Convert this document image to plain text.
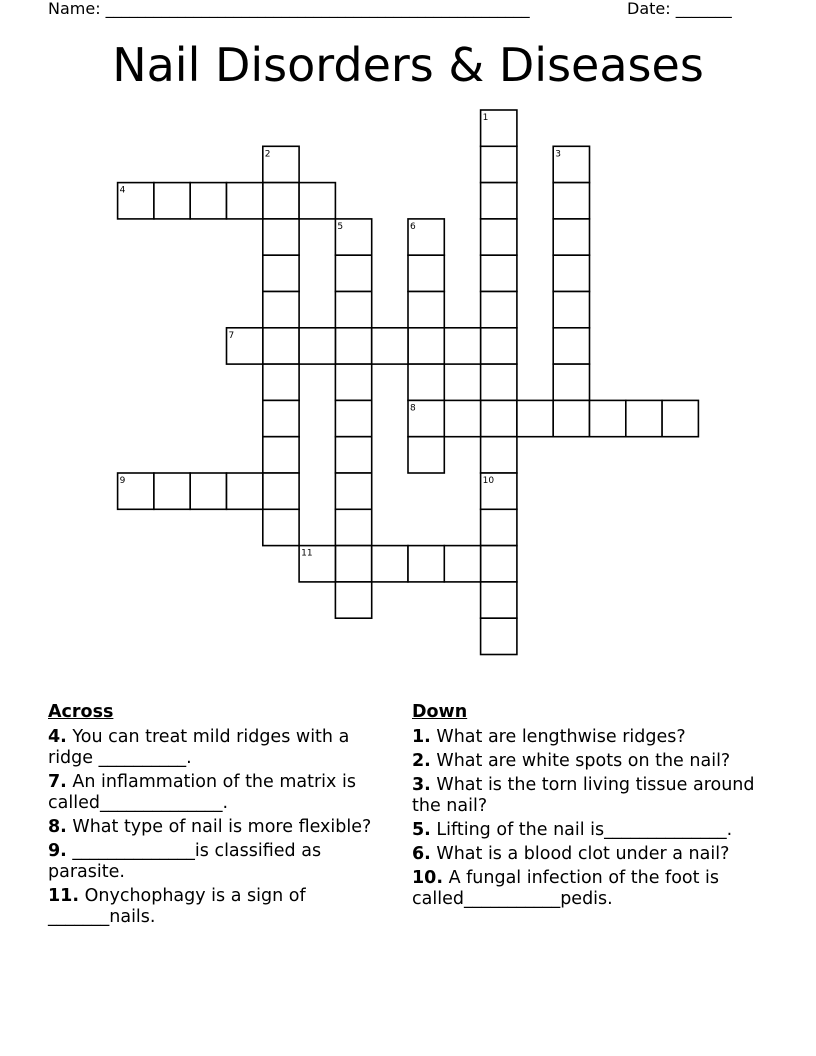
Name: _____________________________________________________	Date: _______
Nail Disorders & Diseases
1
2	3
4
5	6
7
8
9	10
11
Across
4. You can treat mild ridges with a ridge __________.
7. An inflammation of the matrix is called______________.
8. What type of nail is more flexible?
9. ______________is classified as parasite.
11. Onychophagy is a sign of _______nails.
Down
1. What are lengthwise ridges?
2. What are white spots on the nail?
3. What is the torn living tissue around the nail?
5. Lifting of the nail is______________.
6. What is a blood clot under a nail?
10. A fungal infection of the foot is called___________pedis.
